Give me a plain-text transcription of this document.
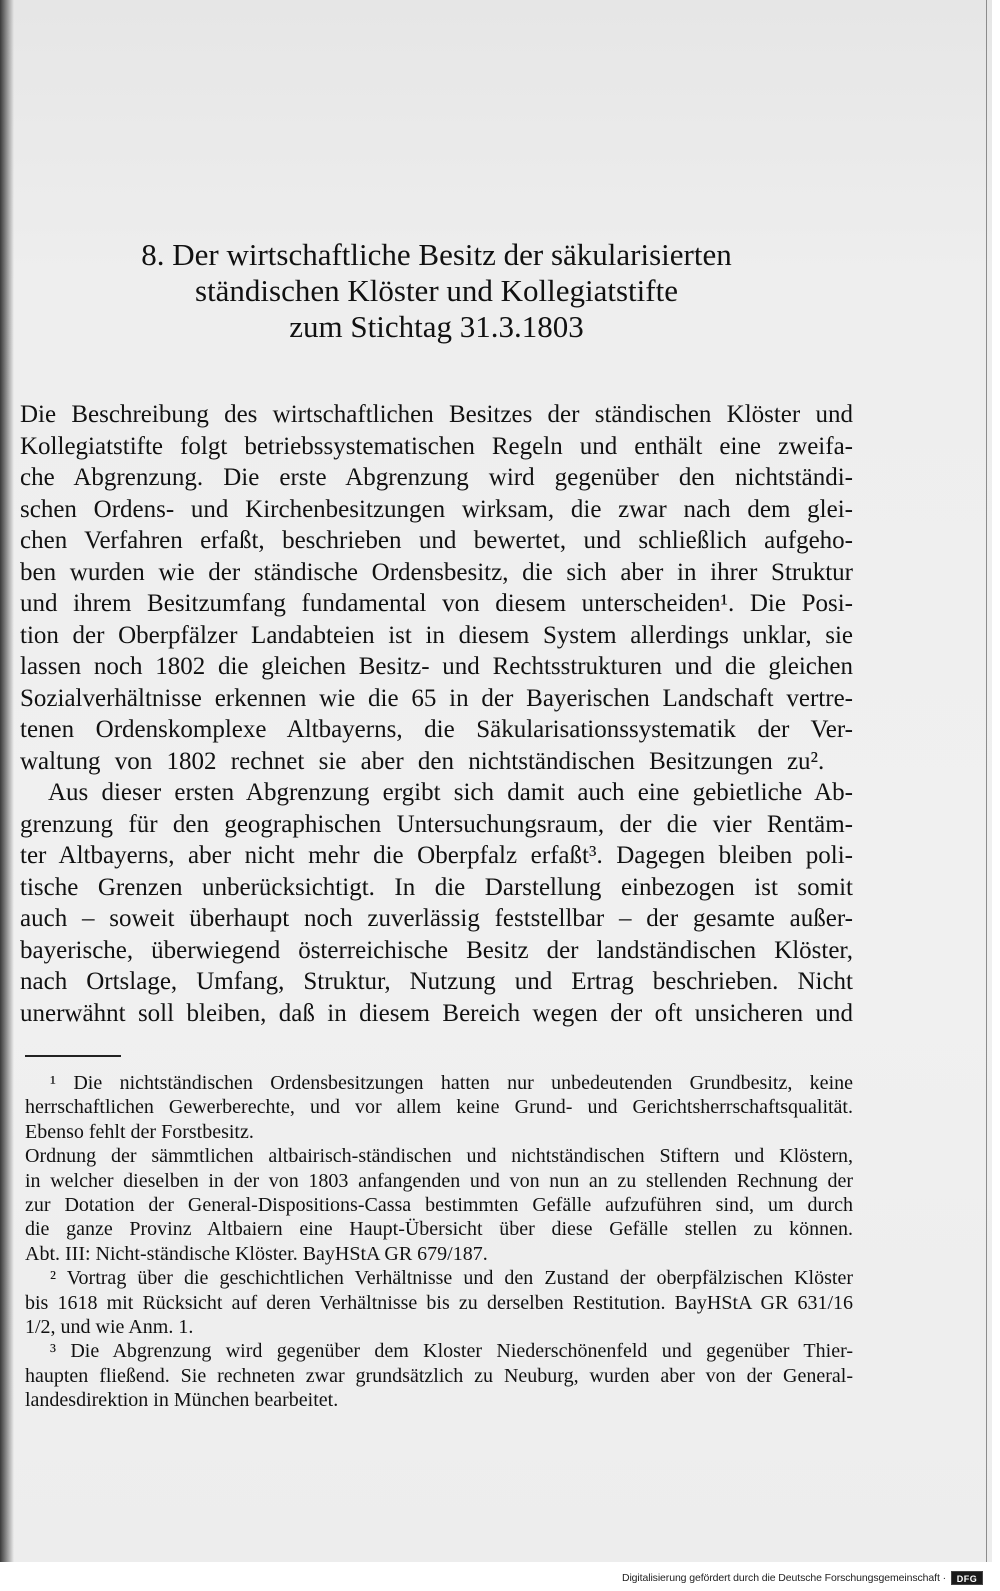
8. Der wirtschaftliche Besitz der säkularisierten
ständischen Klöster und Kollegiatstifte
zum Stichtag 31.3.1803
Die Beschreibung des wirtschaftlichen Besitzes der ständischen Klöster und
Kollegiatstifte folgt betriebssystematischen Regeln und enthält eine zweifa-
che Abgrenzung. Die erste Abgrenzung wird gegenüber den nichtständi-
schen Ordens- und Kirchenbesitzungen wirksam, die zwar nach dem glei-
chen Verfahren erfaßt, beschrieben und bewertet, und schließlich aufgeho-
ben wurden wie der ständische Ordensbesitz, die sich aber in ihrer Struktur
und ihrem Besitzumfang fundamental von diesem unterscheiden¹. Die Posi-
tion der Oberpfälzer Landabteien ist in diesem System allerdings unklar, sie
lassen noch 1802 die gleichen Besitz- und Rechtsstrukturen und die gleichen
Sozialverhältnisse erkennen wie die 65 in der Bayerischen Landschaft vertre-
tenen Ordenskomplexe Altbayerns, die Säkularisationssystematik der Ver-
waltung von 1802 rechnet sie aber den nichtständischen Besitzungen zu².
Aus dieser ersten Abgrenzung ergibt sich damit auch eine gebietliche Ab-
grenzung für den geographischen Untersuchungsraum, der die vier Rentäm-
ter Altbayerns, aber nicht mehr die Oberpfalz erfaßt³. Dagegen bleiben poli-
tische Grenzen unberücksichtigt. In die Darstellung einbezogen ist somit
auch – soweit überhaupt noch zuverlässig feststellbar – der gesamte außer-
bayerische, überwiegend österreichische Besitz der landständischen Klöster,
nach Ortslage, Umfang, Struktur, Nutzung und Ertrag beschrieben. Nicht
unerwähnt soll bleiben, daß in diesem Bereich wegen der oft unsicheren und
¹ Die nichtständischen Ordensbesitzungen hatten nur unbedeutenden Grundbesitz, keine
herrschaftlichen Gewerberechte, und vor allem keine Grund- und Gerichtsherrschaftsqualität.
Ebenso fehlt der Forstbesitz.
Ordnung der sämmtlichen altbairisch-ständischen und nichtständischen Stiftern und Klöstern,
in welcher dieselben in der von 1803 anfangenden und von nun an zu stellenden Rechnung der
zur Dotation der General-Dispositions-Cassa bestimmten Gefälle aufzuführen sind, um durch
die ganze Provinz Altbaiern eine Haupt-Übersicht über diese Gefälle stellen zu können.
Abt. III: Nicht-ständische Klöster. BayHStA GR 679/187.
² Vortrag über die geschichtlichen Verhältnisse und den Zustand der oberpfälzischen Klöster
bis 1618 mit Rücksicht auf deren Verhältnisse bis zu derselben Restitution. BayHStA GR 631/16
1/2, und wie Anm. 1.
³ Die Abgrenzung wird gegenüber dem Kloster Niederschönenfeld und gegenüber Thier-
haupten fließend. Sie rechneten zwar grundsätzlich zu Neuburg, wurden aber von der General-
landesdirektion in München bearbeitet.
Digitalisierung gefördert durch die Deutsche Forschungsgemeinschaft ·	DFG
